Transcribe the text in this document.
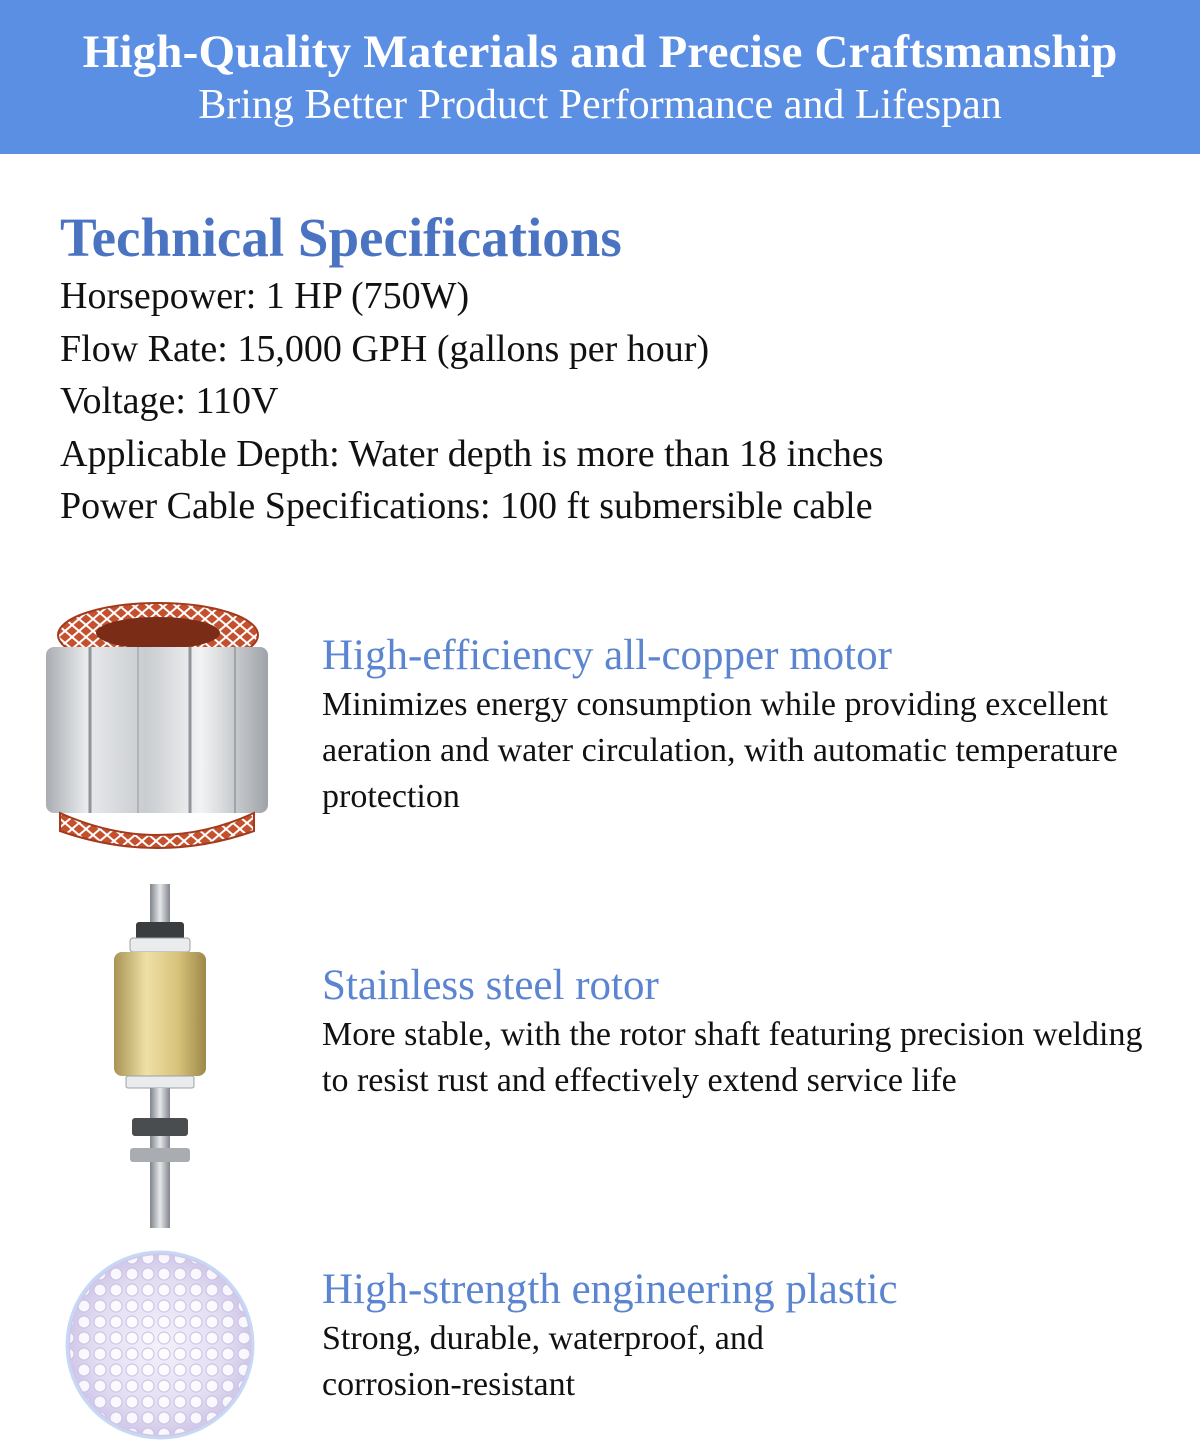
High-Quality Materials and Precise Craftsmanship
Bring Better Product Performance and Lifespan
Technical Specifications
Horsepower: 1 HP (750W)
Flow Rate: 15,000 GPH (gallons per hour)
Voltage: 110V
Applicable Depth: Water depth is more than 18 inches
Power Cable Specifications: 100 ft submersible cable
High-efficiency all-copper motor
Minimizes energy consumption while providing excellent aeration and water circulation, with automatic temperature protection
Stainless steel rotor
More stable, with the rotor shaft featuring precision welding to resist rust and effectively extend service life
High-strength engineering plastic
Strong, durable, waterproof, and corrosion-resistant
